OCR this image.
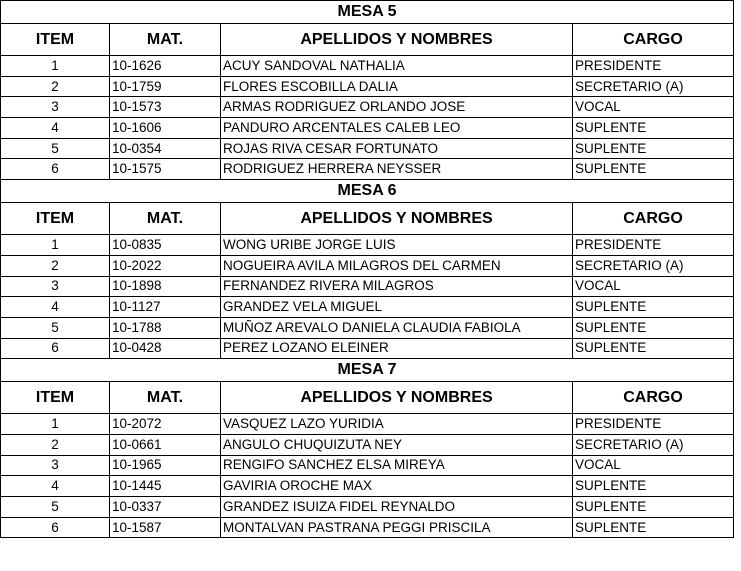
MESA 5			
ITEM	MAT.	APELLIDOS Y NOMBRES	CARGO
1	10-1626	ACUY SANDOVAL NATHALIA	PRESIDENTE
2	10-1759	FLORES ESCOBILLA DALIA	SECRETARIO (A)
3	10-1573	ARMAS RODRIGUEZ ORLANDO JOSE	VOCAL
4	10-1606	PANDURO ARCENTALES CALEB LEO	SUPLENTE
5	10-0354	ROJAS RIVA CESAR FORTUNATO	SUPLENTE
6	10-1575	RODRIGUEZ HERRERA NEYSSER	SUPLENTE
MESA 6			
ITEM	MAT.	APELLIDOS Y NOMBRES	CARGO
1	10-0835	WONG URIBE JORGE LUIS	PRESIDENTE
2	10-2022	NOGUEIRA AVILA MILAGROS DEL CARMEN	SECRETARIO (A)
3	10-1898	FERNANDEZ RIVERA MILAGROS	VOCAL
4	10-1127	GRANDEZ VELA MIGUEL	SUPLENTE
5	10-1788	MUÑOZ AREVALO DANIELA CLAUDIA FABIOLA	SUPLENTE
6	10-0428	PEREZ LOZANO ELEINER	SUPLENTE
MESA 7			
ITEM	MAT.	APELLIDOS Y NOMBRES	CARGO
1	10-2072	VASQUEZ LAZO YURIDIA	PRESIDENTE
2	10-0661	ANGULO CHUQUIZUTA NEY	SECRETARIO (A)
3	10-1965	RENGIFO SANCHEZ ELSA MIREYA	VOCAL
4	10-1445	GAVIRIA OROCHE MAX	SUPLENTE
5	10-0337	GRANDEZ ISUIZA FIDEL REYNALDO	SUPLENTE
6	10-1587	MONTALVAN PASTRANA PEGGI PRISCILA	SUPLENTE
